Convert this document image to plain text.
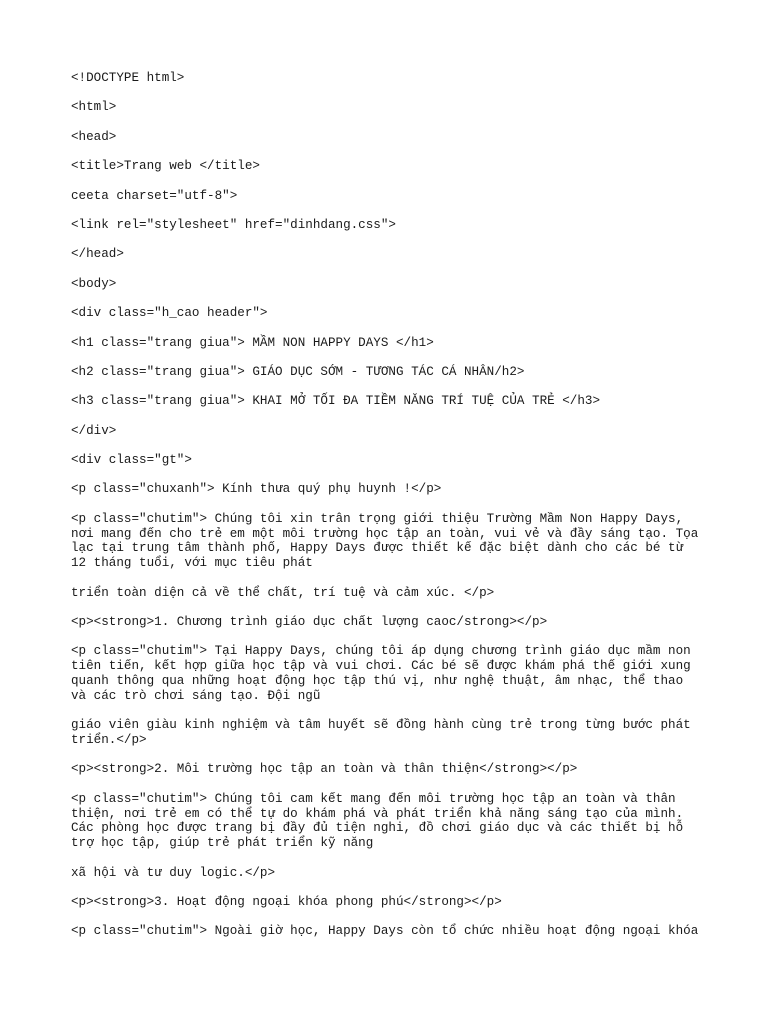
<!DOCTYPE html>
<html>
<head>
<title>Trang web </title>
ceeta charset="utf-8">
<link rel="stylesheet" href="dinhdang.css">
</head>
<body>
<div class="h_cao header">
<h1 class="trang giua"> MẦM NON HAPPY DAYS </h1>
<h2 class="trang giua"> GIÁO DỤC SỚM - TƯƠNG TÁC CÁ NHÂN/h2>
<h3 class="trang giua"> KHAI MỞ TỐI ĐA TIỀM NĂNG TRÍ TUỆ CỦA TRẺ </h3>
</div>
<div class="gt">
<p class="chuxanh"> Kính thưa quý phụ huynh !</p>
<p class="chutim"> Chúng tôi xin trân trọng giới thiệu Trường Mầm Non Happy Days, nơi mang đến cho trẻ em một môi trường học tập an toàn, vui vẻ và đầy sáng tạo. Tọa lạc tại trung tâm thành phố, Happy Days được thiết kế đặc biệt dành cho các bé từ 12 tháng tuổi, với mục tiêu phát
triển toàn diện cả về thể chất, trí tuệ và cảm xúc. </p>
<p><strong>1. Chương trình giáo dục chất lượng caoc/strong></p>
<p class="chutim"> Tại Happy Days, chúng tôi áp dụng chương trình giáo dục mầm non tiên tiến, kết hợp giữa học tập và vui chơi. Các bé sẽ được khám phá thế giới xung quanh thông qua những hoạt động học tập thú vị, như nghệ thuật, âm nhạc, thể thao và các trò chơi sáng tạo. Đội ngũ
giáo viên giàu kinh nghiệm và tâm huyết sẽ đồng hành cùng trẻ trong từng bước phát triển.</p>
<p><strong>2. Môi trường học tập an toàn và thân thiện</strong></p>
<p class="chutim"> Chúng tôi cam kết mang đến môi trường học tập an toàn và thân thiện, nơi trẻ em có thể tự do khám phá và phát triển khả năng sáng tạo của mình. Các phòng học được trang bị đầy đủ tiện nghi, đồ chơi giáo dục và các thiết bị hỗ trợ học tập, giúp trẻ phát triển kỹ năng
xã hội và tư duy logic.</p>
<p><strong>3. Hoạt động ngoại khóa phong phú</strong></p>
<p class="chutim"> Ngoài giờ học, Happy Days còn tổ chức nhiều hoạt động ngoại khóa
